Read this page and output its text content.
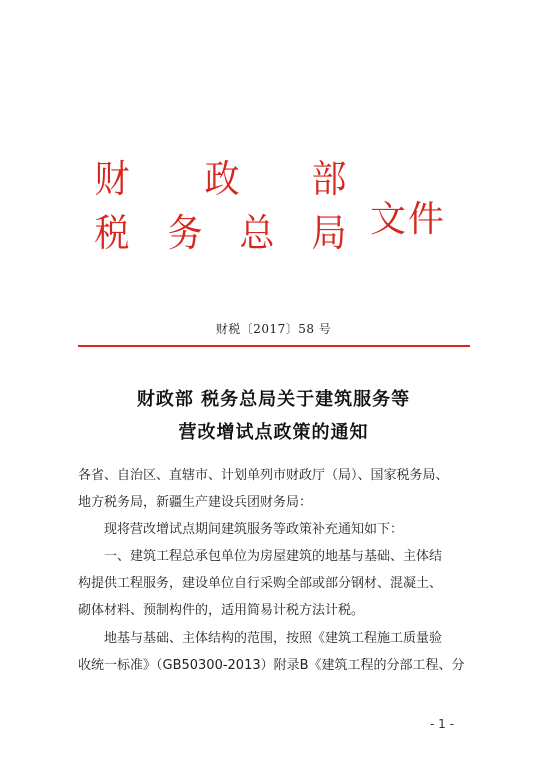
财 政 部
税 务 总 局 文件
财税〔2017〕58 号
财政部 税务总局关于建筑服务等
营改增试点政策的通知
各省、自治区、直辖市、计划单列市财政厅（局）、国家税务局、
地方税务局，新疆生产建设兵团财务局：
现将营改增试点期间建筑服务等政策补充通知如下：
一、建筑工程总承包单位为房屋建筑的地基与基础、主体结
构提供工程服务，建设单位自行采购全部或部分钢材、混凝土、
砌体材料、预制构件的，适用简易计税方法计税。
地基与基础、主体结构的范围，按照《建筑工程施工质量验
收统一标准》（GB50300-2013）附录B《建筑工程的分部工程、分
- 1 -
